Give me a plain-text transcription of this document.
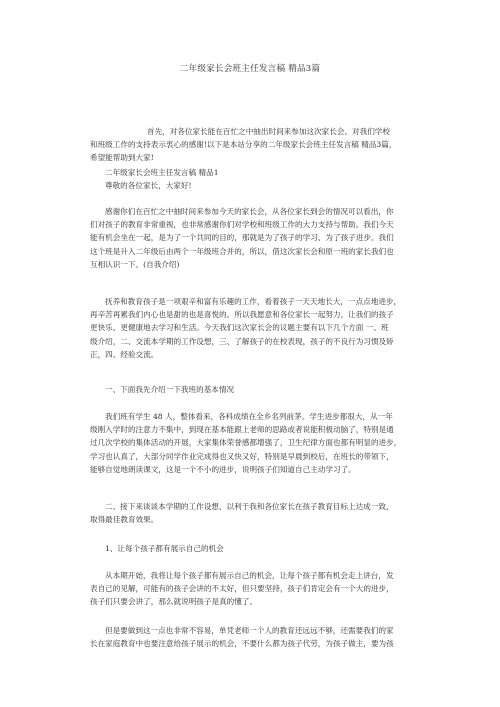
二年级家长会班主任发言稿 精品3篇
首先，对各位家长能在百忙之中抽出时间来参加这次家长会、对我们学校
和班级工作的支持表示衷心的感谢!以下是本站分享的二年级家长会班主任发言稿 精品3篇，
希望能帮助到大家!
二年级家长会班主任发言稿 精品1
尊敬的各位家长，大家好!
感谢你们在百忙之中抽时间来参加今天的家长会，从各位家长到会的情况可以看出，你
们对孩子的教育非常重视，也非常感谢你们对学校和班级工作的大力支持与帮助。我们今天
能有机会坐在一起，是为了一个共同的目的，那就是为了孩子的学习、为了孩子进步。我们
这个班是升入二年级后由两个一年级班合并的，所以，借这次家长会和原一班的家长我们也
互相认识一下。(自我介绍)
抚养和教育孩子是一项艰辛和富有乐趣的工作，看着孩子一天天地长大，一点点地进步，
再辛苦再累我们内心也是甜的也是喜悦的。所以我愿意和各位家长一起努力，让我们的孩子
更快乐、更健康地去学习和生活。今天我们这次家长会的议题主要有以下几个方面 一、班
级介绍，二、交流本学期的工作设想，三、了解孩子的在校表现，孩子的不良行为习惯及矫
正，四、经验交流。
一、下面我先介绍一下我班的基本情况
我们班有学生 48 人，整体看来，各科成绩在全乡名列前茅。学生进步都很大，从一年
级刚入学时的注意力不集中，到现在基本能跟上老师的思路或者说能积极动脑了，特别是通
过几次学校的集体活动的开展，大家集体荣誉感都增强了，卫生纪律方面也都有明显的进步，
学习也认真了，大部分同学作业完成得也又快又好，特别是早晨到校后，在班长的带领下，
能够自觉地朗读课文，这是一个不小的进步，说明孩子们知道自己主动学习了。
二、接下来谈谈本学期的工作设想，以利于我和各位家长在孩子教育目标上达成一致，
取得最佳教育效果。
1、让每个孩子都有展示自己的机会
从本期开始，我将让每个孩子都有展示自己的机会，让每个孩子都有机会走上讲台，发
表自己的见解，可能有的孩子会讲的不太好，但只要坚持，孩子们肯定会有一个大的进步，
孩子们只要会讲了，那么就说明孩子是真的懂了。
但是要做到这一点也非常不容易，单凭老师一个人的教育还远远不够，还需要我们的家
长在家庭教育中也要注意给孩子展示的机会，不要什么都为孩子代劳，为孩子做主，要为孩
